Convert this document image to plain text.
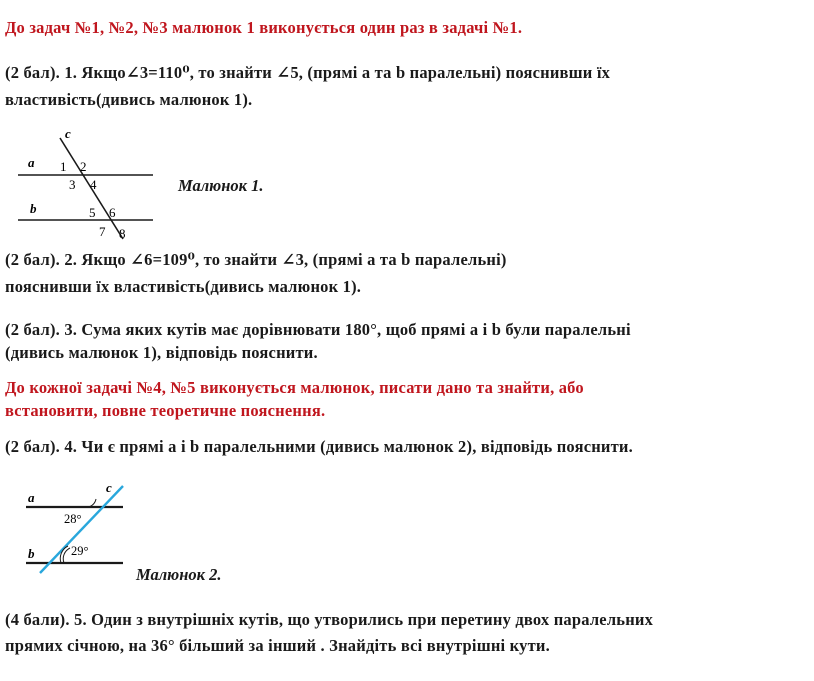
До задач №1, №2, №3 малюнок 1 виконується один раз в задачі №1.
(2 бал). 1. Якщо∠3=110⁰, то знайти ∠5, (прямі a та b паралельні) пояснивши їх
властивість(дивись малюнок 1).
c
a
b
1 2
3 4
5 6
7 8
Малюнок 1.
(2 бал). 2. Якщо ∠6=109⁰, то знайти ∠3, (прямі a та b паралельні)
пояснивши їх властивість(дивись малюнок 1).
(2 бал). 3. Сума яких кутів має дорівнювати 180°, щоб прямі a і b були паралельні
(дивись малюнок 1), відповідь пояснити.
До кожної задачі №4, №5 виконується малюнок, писати дано та знайти, або
встановити, повне теоретичне пояснення.
(2 бал). 4. Чи є прямі a і b паралельними (дивись малюнок 2), відповідь пояснити.
a
b
c
28°
29°
Малюнок 2.
(4 бали). 5. Один з внутрішніх кутів, що утворились при перетину двох паралельних
прямих січною, на 36° більший за інший . Знайдіть всі внутрішні кути.
